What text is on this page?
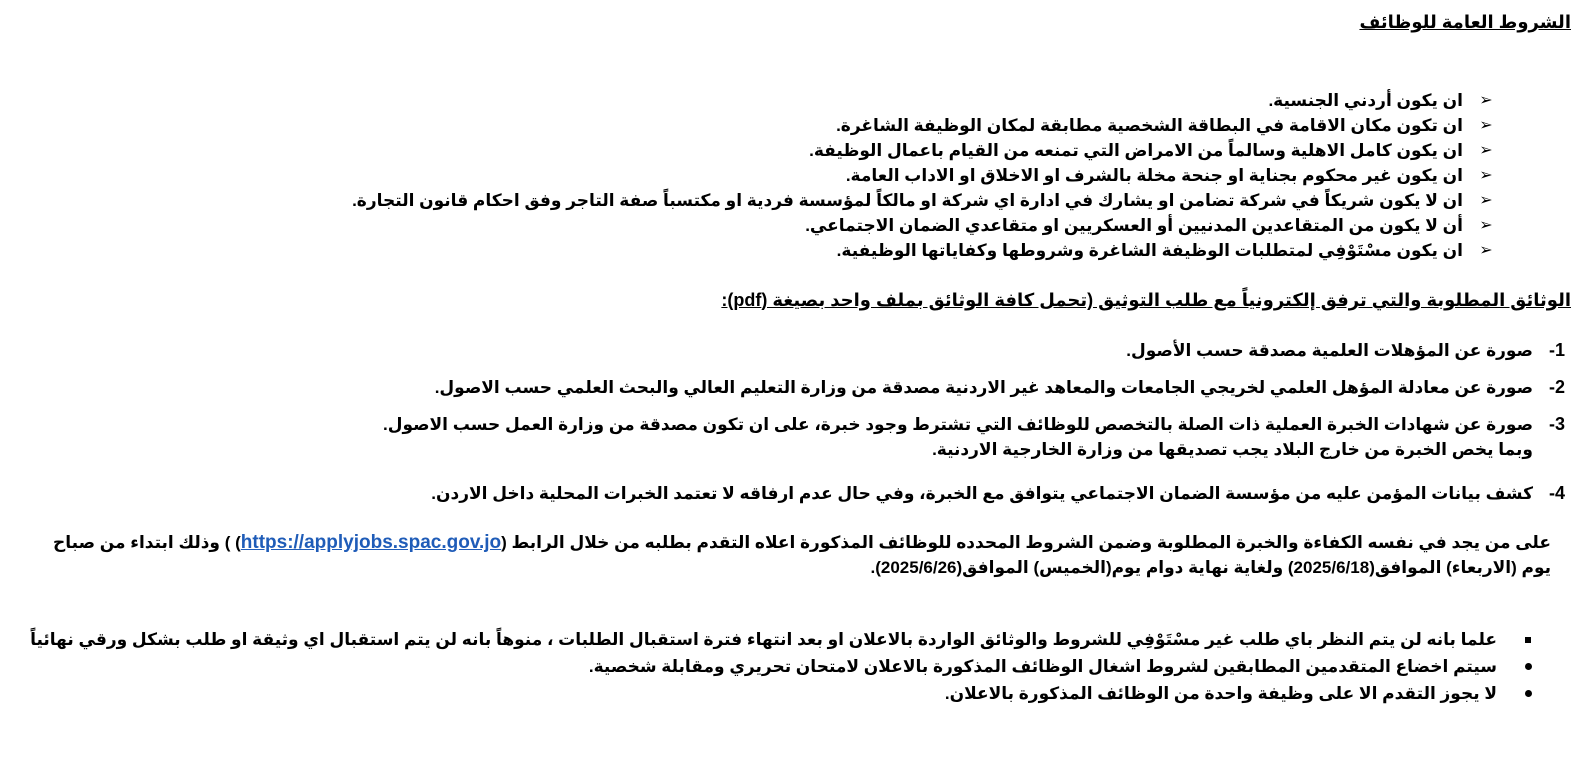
الشروط العامة للوظائف
➢
ان يكون أردني الجنسية.
➢
ان تكون مكان الاقامة في البطاقة الشخصية مطابقة لمكان الوظيفة الشاغرة.
➢
ان يكون كامل الاهلية وسالماً من الامراض التي تمنعه من القيام باعمال الوظيفة.
➢
ان يكون غير محكوم بجناية او جنحة مخلة بالشرف او الاخلاق او الاداب العامة.
➢
ان لا يكون شريكاً في شركة تضامن او يشارك في ادارة اي شركة او مالكاً لمؤسسة فردية او مكتسباً صفة التاجر وفق احكام قانون التجارة.
➢
أن لا يكون من المتقاعدين المدنيين أو العسكريين او متقاعدي الضمان الاجتماعي.
➢
ان يكون مسْتَوْفِي لمتطلبات الوظيفة الشاغرة وشروطها وكفاياتها الوظيفية.
الوثائق المطلوبة والتي ترفق إلكترونياً مع طلب التوثيق (تحمل كافة الوثائق بملف واحد بصيغة (pdf):
1-
صورة عن المؤهلات العلمية مصدقة حسب الأصول.
2-
صورة عن معادلة المؤهل العلمي لخريجي الجامعات والمعاهد غير الاردنية مصدقة من وزارة التعليم العالي والبحث العلمي حسب الاصول.
3-
صورة عن شهادات الخبرة العملية ذات الصلة بالتخصص للوظائف التي تشترط وجود خبرة، على ان تكون مصدقة من وزارة العمل حسب الاصول.
وبما يخص الخبرة من خارج البلاد يجب تصديقها من وزارة الخارجية الاردنية.
4-
كشف بيانات المؤمن عليه من مؤسسة الضمان الاجتماعي يتوافق مع الخبرة، وفي حال عدم ارفاقه لا تعتمد الخبرات المحلية داخل الاردن.
على من يجد في نفسه الكفاءة والخبرة المطلوبة وضمن الشروط المحدده للوظائف المذكورة اعلاه التقدم بطلبه من خلال الرابط (https://applyjobs.spac.gov.jo) ) وذلك ابتداء من صباح يوم (الاربعاء) الموافق(2025/6/18) ولغاية نهاية دوام يوم(الخميس) الموافق(2025/6/26).
علما بانه لن يتم النظر باي طلب غير مسْتَوْفِي للشروط والوثائق الواردة بالاعلان او بعد انتهاء فترة استقبال الطلبات ، منوهاً بانه لن يتم استقبال اي وثيقة او طلب بشكل ورقي نهائياً
سيتم اخضاع المتقدمين المطابقين لشروط اشغال الوظائف المذكورة بالاعلان لامتحان تحريري ومقابلة شخصية.
لا يجوز التقدم الا على وظيفة واحدة من الوظائف المذكورة بالاعلان.
